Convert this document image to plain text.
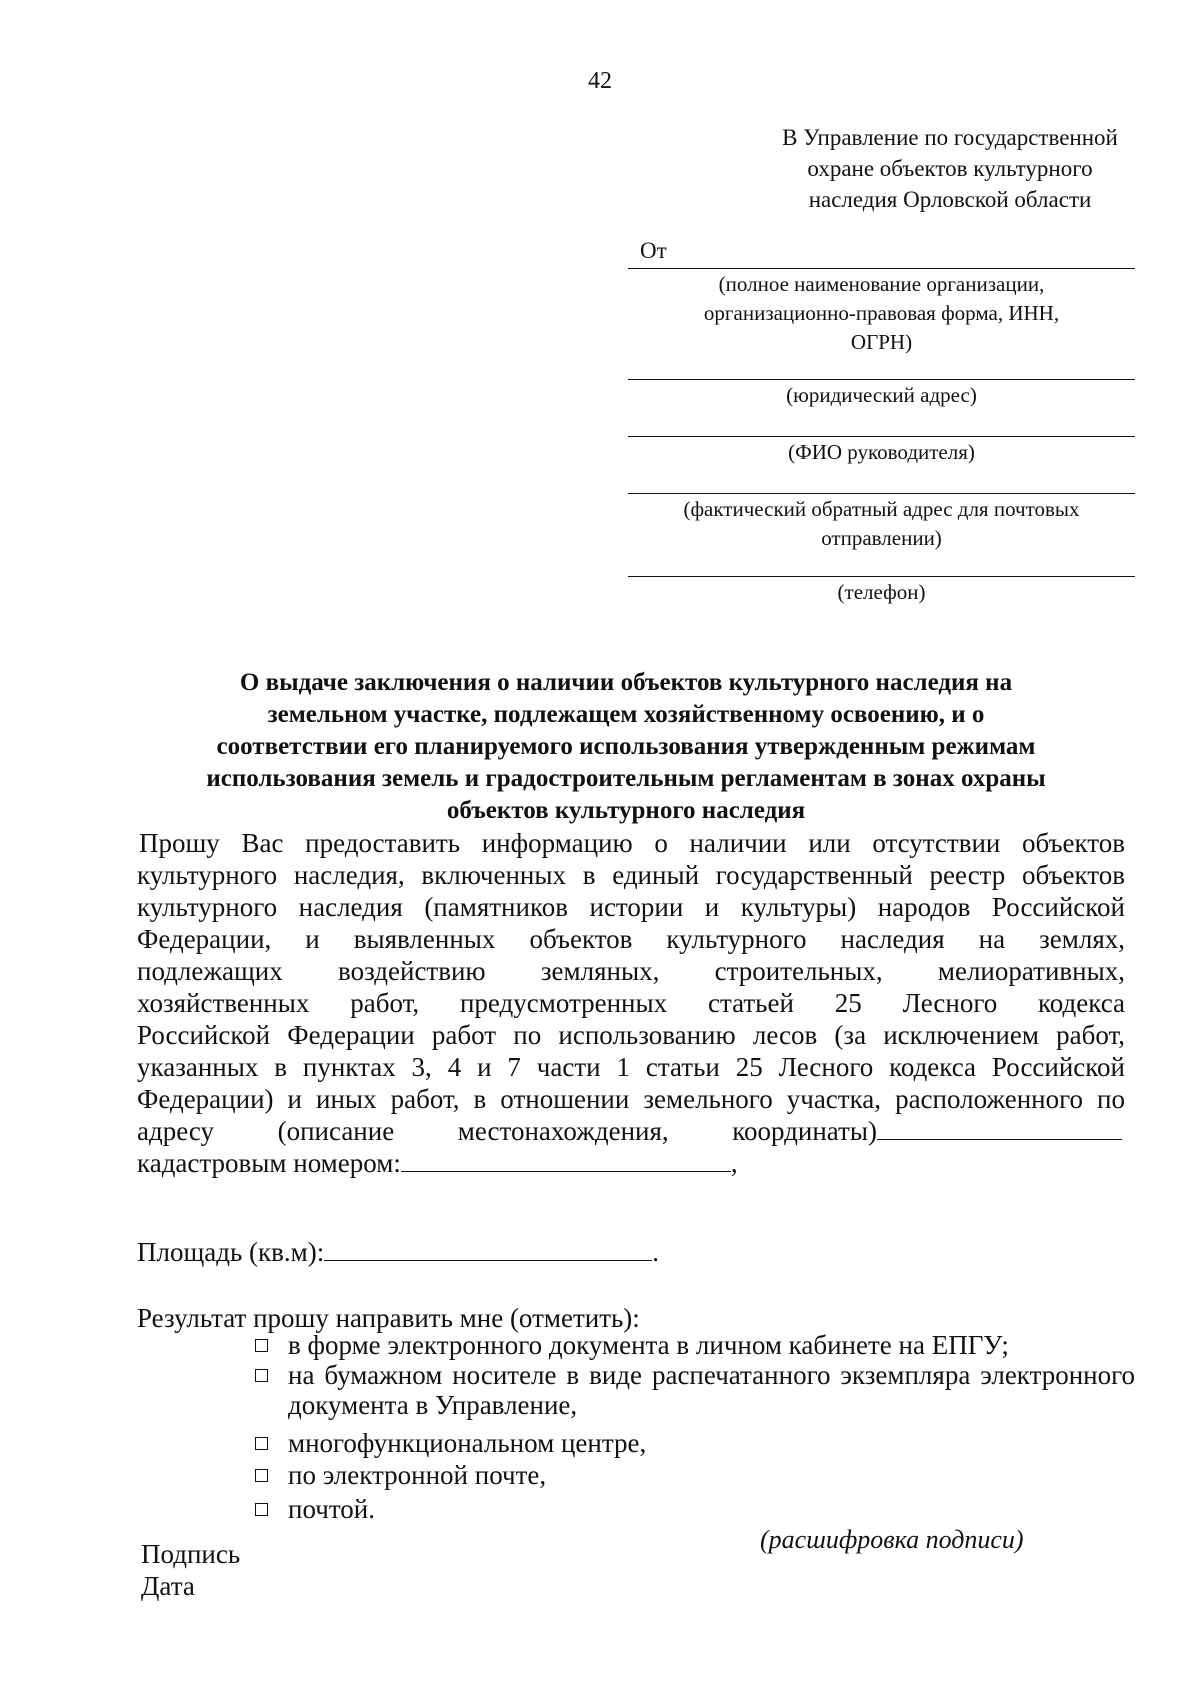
42
В Управление по государственной
охране объектов культурного
наследия Орловской области
От
(полное наименование организации,
организационно-правовая форма, ИНН,
ОГРН)
(юридический адрес)
(ФИО руководителя)
(фактический обратный адрес для почтовых
отправлении)
(телефон)
О выдаче заключения о наличии объектов культурного наследия на
земельном участке, подлежащем хозяйственному освоению, и о
соответствии его планируемого использования утвержденным режимам
использования земель и градостроительным регламентам в зонах охраны
объектов культурного наследия
Прошу Вас предоставить информацию о наличии или отсутствии объектов
культурного наследия, включенных в единый государственный реестр объектов
культурного наследия (памятников истории и культуры) народов Российской
Федерации, и выявленных объектов культурного наследия на землях,
подлежащих воздействию земляных, строительных, мелиоративных,
хозяйственных работ, предусмотренных статьей 25 Лесного кодекса
Российской Федерации работ по использованию лесов (за исключением работ,
указанных в пунктах 3, 4 и 7 части 1 статьи 25 Лесного кодекса Российской
Федерации) и иных работ, в отношении земельного участка, расположенного по
адресу (описание местонахождения, координаты)
кадастровым номером:	,
Площадь (кв.м):	.
Результат прошу направить мне (отметить):
в форме электронного документа в личном кабинете на ЕПГУ;
на бумажном носителе в виде распечатанного экземпляра электронного документа в Управление,
многофункциональном центре,
по электронной почте,
почтой.
Подпись
Дата
(расшифровка подписи)
